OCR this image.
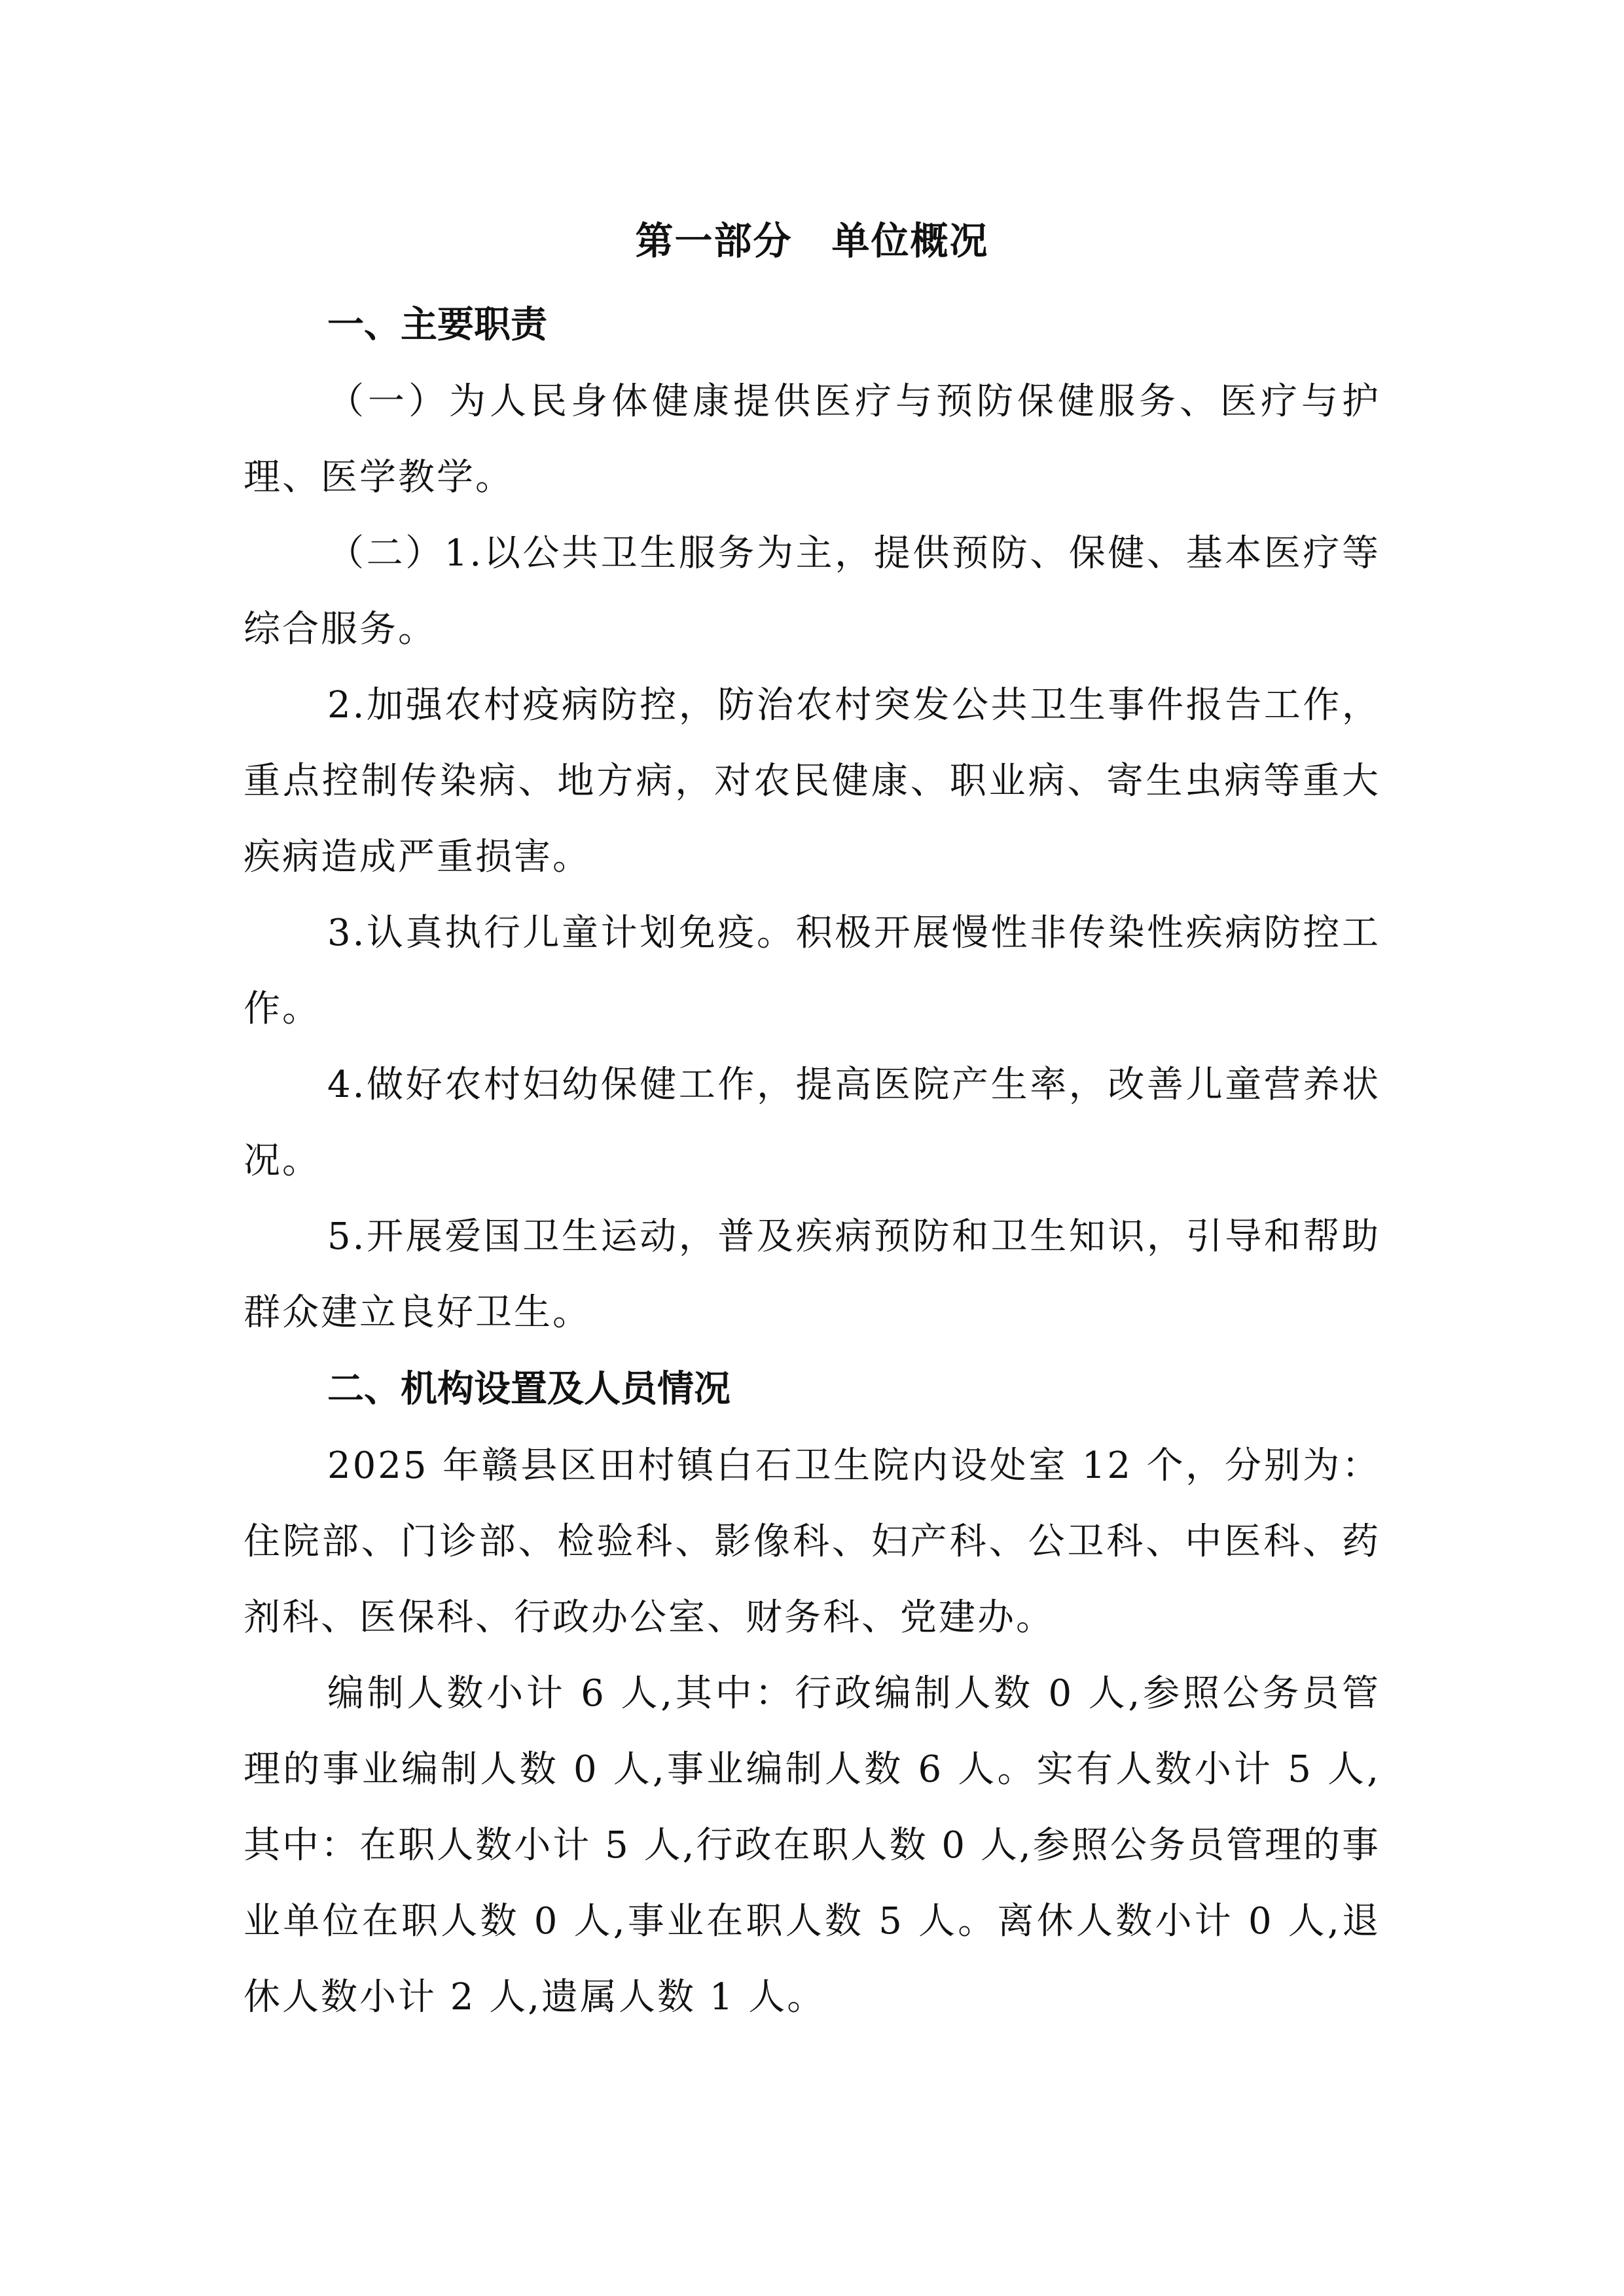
第一部分 单位概况
一、主要职责

（一）为人民身体健康提供医疗与预防保健服务、医疗与护理、医学教学。

（二）1.以公共卫生服务为主，提供预防、保健、基本医疗等综合服务。

2.加强农村疫病防控，防治农村突发公共卫生事件报告工作，重点控制传染病、地方病，对农民健康、职业病、寄生虫病等重大疾病造成严重损害。

3.认真执行儿童计划免疫。积极开展慢性非传染性疾病防控工作。

4.做好农村妇幼保健工作，提高医院产生率，改善儿童营养状况。

5.开展爱国卫生运动，普及疾病预防和卫生知识，引导和帮助群众建立良好卫生。

二、机构设置及人员情况

2025 年赣县区田村镇白石卫生院内设处室 12 个，分别为：住院部、门诊部、检验科、影像科、妇产科、公卫科、中医科、药剂科、医保科、行政办公室、财务科、党建办。

编制人数小计 6 人,其中：行政编制人数 0 人,参照公务员管理的事业编制人数 0 人,事业编制人数 6 人。实有人数小计 5 人,其中：在职人数小计 5 人,行政在职人数 0 人,参照公务员管理的事业单位在职人数 0 人,事业在职人数 5 人。离休人数小计 0 人,退休人数小计 2 人,遗属人数 1 人。
